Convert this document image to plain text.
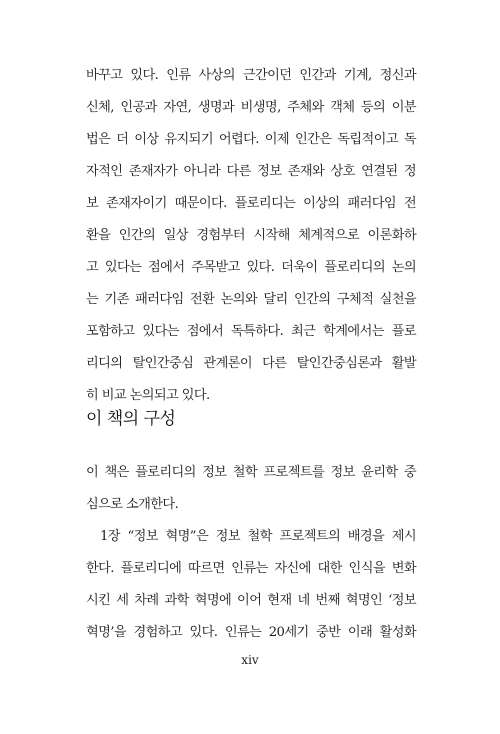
바꾸고 있다. 인류 사상의 근간이던 인간과 기계, 정신과
신체, 인공과 자연, 생명과 비생명, 주체와 객체 등의 이분
법은 더 이상 유지되기 어렵다. 이제 인간은 독립적이고 독
자적인 존재자가 아니라 다른 정보 존재와 상호 연결된 정
보 존재자이기 때문이다. 플로리디는 이상의 패러다임 전
환을 인간의 일상 경험부터 시작해 체계적으로 이론화하
고 있다는 점에서 주목받고 있다. 더욱이 플로리디의 논의
는 기존 패러다임 전환 논의와 달리 인간의 구체적 실천을
포함하고 있다는 점에서 독특하다. 최근 학계에서는 플로
리디의 탈인간중심 관계론이 다른 탈인간중심론과 활발
히 비교 논의되고 있다.
이 책의 구성
이 책은 플로리디의 정보 철학 프로젝트를 정보 윤리학 중
심으로 소개한다.
1장 “정보 혁명”은 정보 철학 프로젝트의 배경을 제시
한다. 플로리디에 따르면 인류는 자신에 대한 인식을 변화
시킨 세 차례 과학 혁명에 이어 현재 네 번째 혁명인 ‘정보
혁명’을 경험하고 있다. 인류는 20세기 중반 이래 활성화
xiv
